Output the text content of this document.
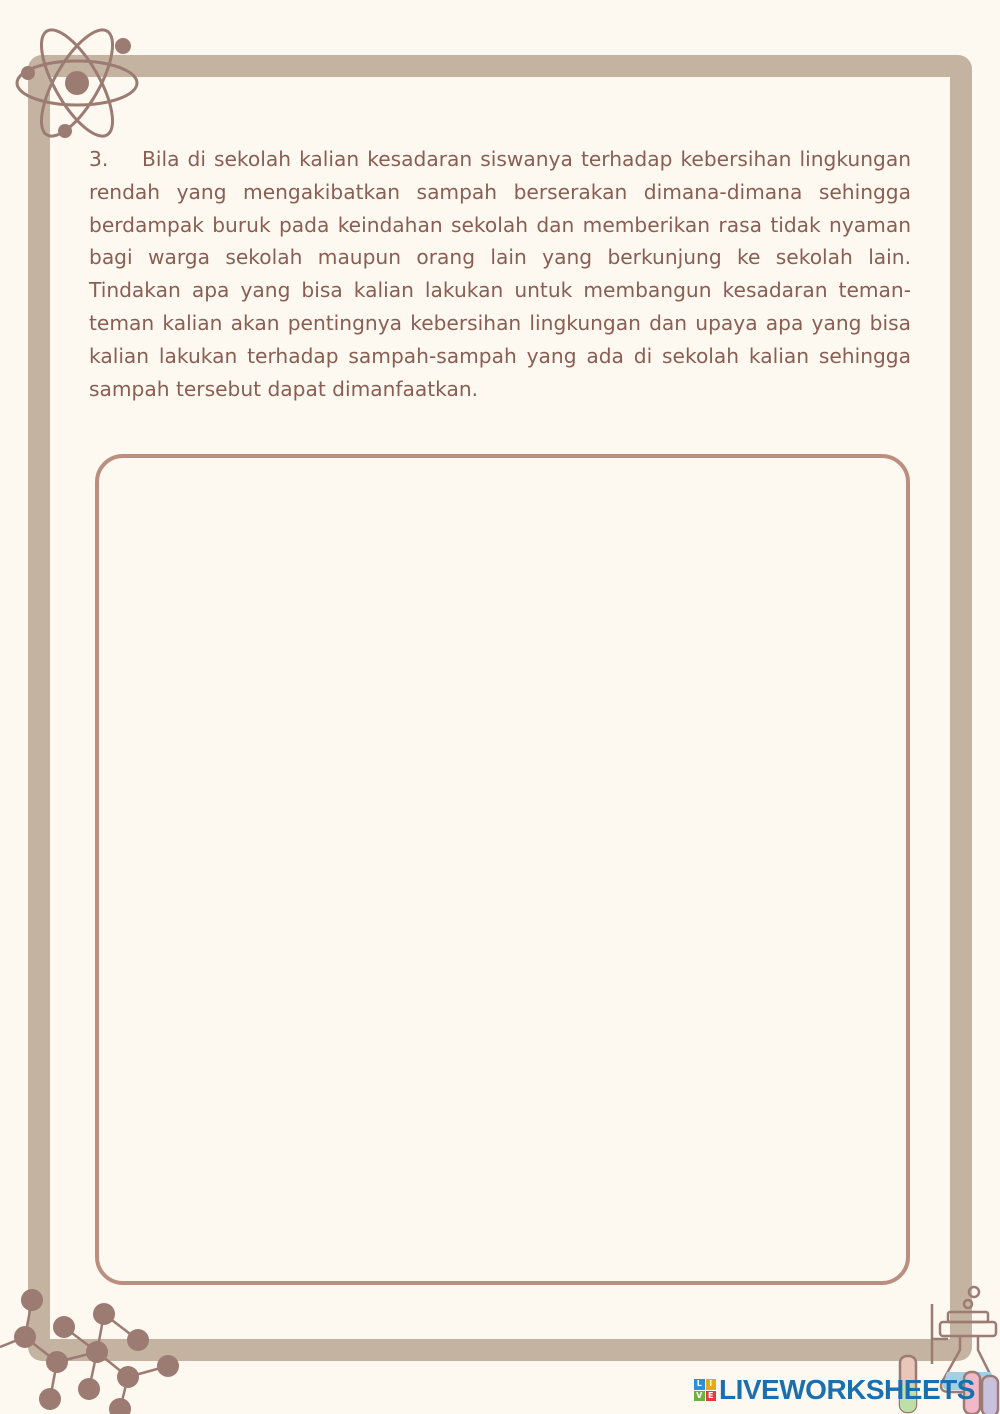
3. Bila di sekolah kalian kesadaran siswanya terhadap kebersihan lingkungan rendah yang mengakibatkan sampah berserakan dimana-dimana sehingga berdampak buruk pada keindahan sekolah dan memberikan rasa tidak nyaman bagi warga sekolah maupun orang lain yang berkunjung ke sekolah lain. Tindakan apa yang bisa kalian lakukan untuk membangun kesadaran teman-teman kalian akan pentingnya kebersihan lingkungan dan upaya apa yang bisa kalian lakukan terhadap sampah-sampah yang ada di sekolah kalian sehingga sampah tersebut dapat dimanfaatkan.

L I
V E LIVEWORKSHEETS
